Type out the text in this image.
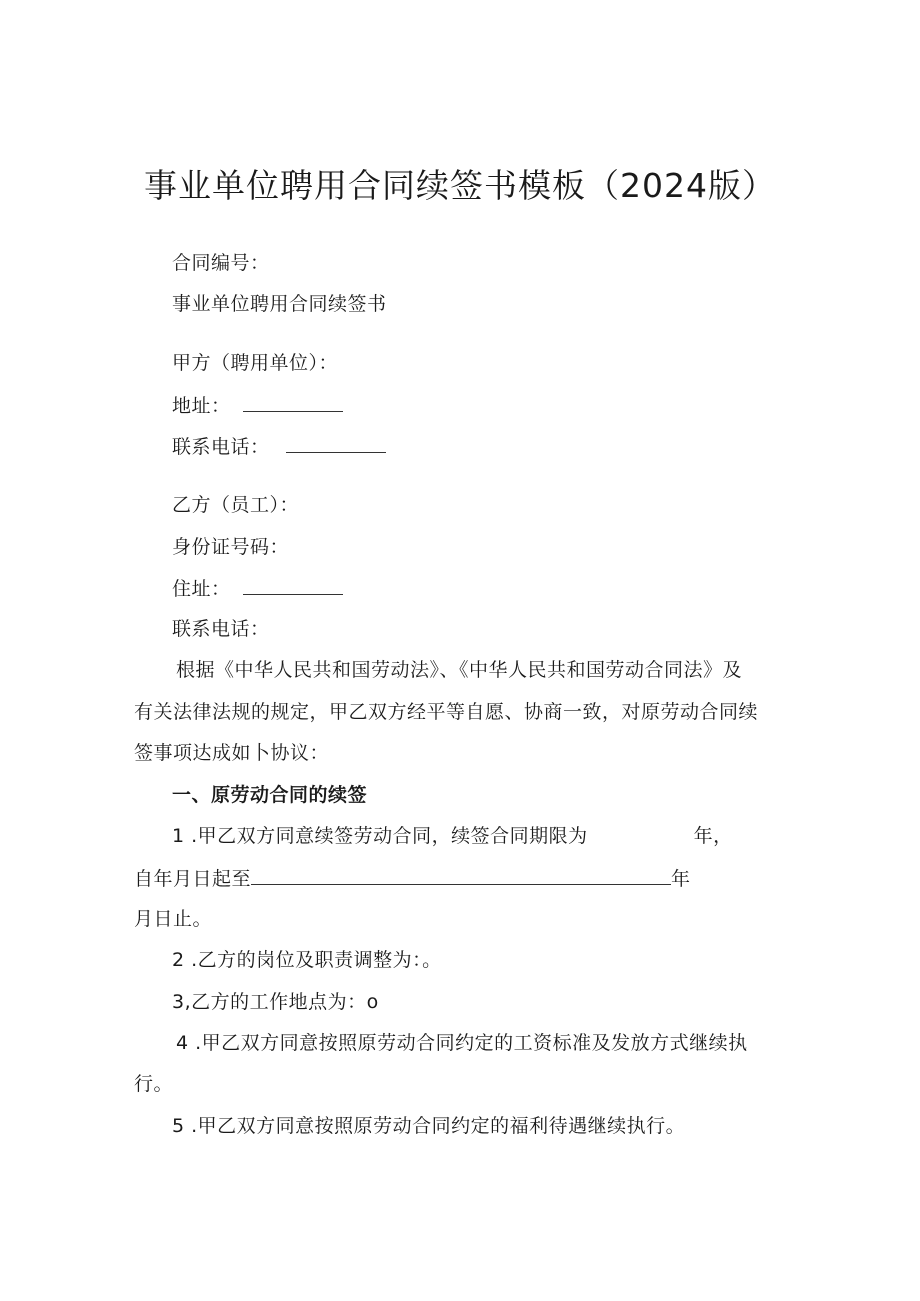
事业单位聘用合同续签书模板（2024版）
合同编号：
事业单位聘用合同续签书
甲方（聘用单位）：
地址：
联系电话：
乙方（员工）：
身份证号码：
住址：
联系电话：
根据《中华人民共和国劳动法》、《中华人民共和国劳动合同法》及
有关法律法规的规定，甲乙双方经平等自愿、协商一致，对原劳动合同续
签事项达成如卜协议：
一、原劳动合同的续签
1 .甲乙双方同意续签劳动合同，续签合同期限为	年，
自年月日起至	年
月日止。
2 .乙方的岗位及职责调整为：。
3,乙方的工作地点为：o
4 .甲乙双方同意按照原劳动合同约定的工资标准及发放方式继续执
行。
5 .甲乙双方同意按照原劳动合同约定的福利待遇继续执行。
